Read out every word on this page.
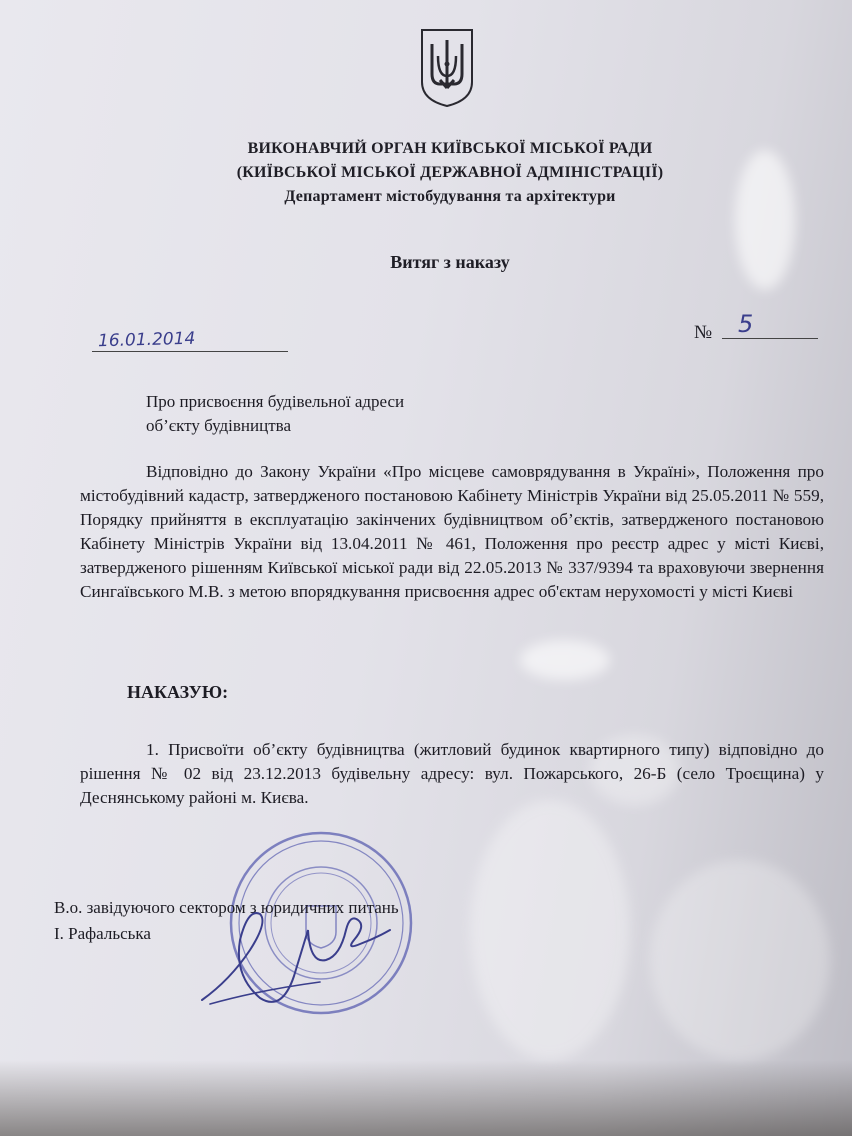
ВИКОНАВЧИЙ ОРГАН КИЇВСЬКОЇ МІСЬКОЇ РАДИ
(КИЇВСЬКОЇ МІСЬКОЇ ДЕРЖАВНОЇ АДМІНІСТРАЦІЇ)
Департамент містобудування та архітектури
Витяг з наказу
16.01.2014	№ 5
Про присвоєння будівельної адреси
об’єкту будівництва

Відповідно до Закону України «Про місцеве самоврядування в Україні», Положення про містобудівний кадастр, затвердженого постановою Кабінету Міністрів України від 25.05.2011 № 559, Порядку прийняття в експлуатацію закінчених будівництвом об’єктів, затвердженого постановою Кабінету Міністрів України від 13.04.2011 № 461, Положення про реєстр адрес у місті Києві, затвердженого рішенням Київської міської ради від 22.05.2013 № 337/9394 та враховуючи звернення Сингаївського М.В. з метою впорядкування присвоєння адрес об'єктам нерухомості у місті Києві

НАКАЗУЮ:

1. Присвоїти об’єкту будівництва (житловий будинок квартирного типу) відповідно до рішення № 02 від 23.12.2013 будівельну адресу: вул. Пожарського, 26-Б (село Троєщина) у Деснянському районі м. Києва.

В.о. завідуючого сектором з юридичних питань
І. Рафальська
